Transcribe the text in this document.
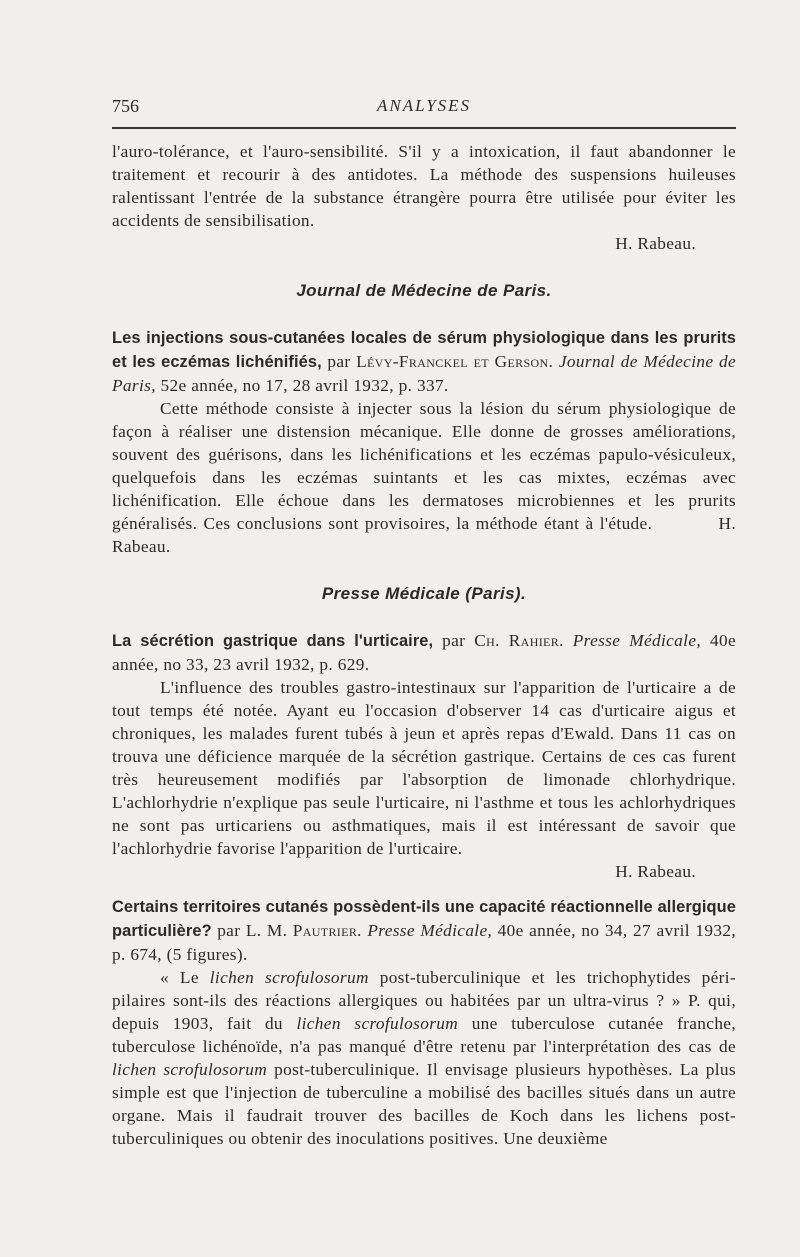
756	ANALYSES

l'auro-tolérance, et l'auro-sensibilité. S'il y a intoxication, il faut abandonner le traitement et recourir à des antidotes. La méthode des suspensions huileuses ralentissant l'entrée de la substance étrangère pourra être utilisée pour éviter les accidents de sensibilisation.

H. Rabeau.

Journal de Médecine de Paris.

Les injections sous-cutanées locales de sérum physiologique dans les prurits et les eczémas lichénifiés, par Lévy-Franckel et Gerson. Journal de Médecine de Paris, 52e année, no 17, 28 avril 1932, p. 337.

Cette méthode consiste à injecter sous la lésion du sérum physiologique de façon à réaliser une distension mécanique. Elle donne de grosses améliorations, souvent des guérisons, dans les lichénifications et les eczémas papulo-vésiculeux, quelquefois dans les eczémas suintants et les cas mixtes, eczémas avec lichénification. Elle échoue dans les dermatoses microbiennes et les prurits généralisés. Ces conclusions sont provisoires, la méthode étant à l'étude.	H. Rabeau.

Presse Médicale (Paris).

La sécrétion gastrique dans l'urticaire, par Ch. Rahier. Presse Médicale, 40e année, no 33, 23 avril 1932, p. 629.

L'influence des troubles gastro-intestinaux sur l'apparition de l'urticaire a de tout temps été notée. Ayant eu l'occasion d'observer 14 cas d'urticaire aigus et chroniques, les malades furent tubés à jeun et après repas d'Ewald. Dans 11 cas on trouva une déficience marquée de la sécrétion gastrique. Certains de ces cas furent très heureusement modifiés par l'absorption de limonade chlorhydrique. L'achlorhydrie n'explique pas seule l'urticaire, ni l'asthme et tous les achlorhydriques ne sont pas urticariens ou asthmatiques, mais il est intéressant de savoir que l'achlorhydrie favorise l'apparition de l'urticaire.

H. Rabeau.

Certains territoires cutanés possèdent-ils une capacité réactionnelle allergique particulière? par L. M. Pautrier. Presse Médicale, 40e année, no 34, 27 avril 1932, p. 674, (5 figures).

« Le lichen scrofulosorum post-tuberculinique et les trichophytides péri-pilaires sont-ils des réactions allergiques ou habitées par un ultra-virus ? » P. qui, depuis 1903, fait du lichen scrofulosorum une tuberculose cutanée franche, tuberculose lichénoïde, n'a pas manqué d'être retenu par l'interprétation des cas de lichen scrofulosorum post-tuberculinique. Il envisage plusieurs hypothèses. La plus simple est que l'injection de tuberculine a mobilisé des bacilles situés dans un autre organe. Mais il faudrait trouver des bacilles de Koch dans les lichens post-tuberculiniques ou obtenir des inoculations positives. Une deuxième
